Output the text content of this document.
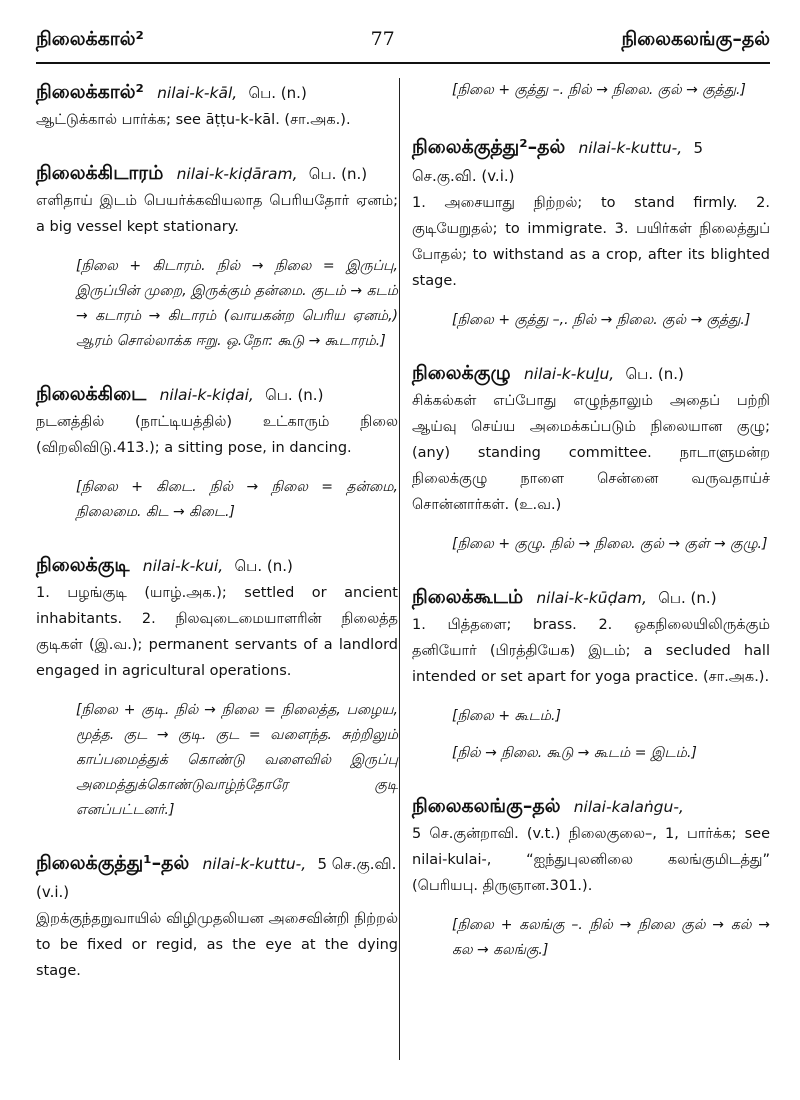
நிலைக்கால்²	77	நிலைகலங்கு–தல்
நிலைக்கால்² nilai-k-kāl, பெ. (n.)
ஆட்டுக்கால் பார்க்க; see āṭṭu-k-kāl. (சா.அக.).
நிலைக்கிடாரம் nilai-k-kiḍāram, பெ. (n.)
எளிதாய் இடம் பெயர்க்கவியலாத பெரியதோர் ஏனம்; a big vessel kept stationary.

[நிலை + கிடாரம். நில் → நிலை = இருப்பு, இருப்பின் முறை, இருக்கும் தன்மை. குடம் → கடம் → கடாரம் → கிடாரம் (வாயகன்ற பெரிய ஏனம்,) ஆரம் சொல்லாக்க ஈறு. ஒ.நோ: கூடு → கூடாரம்.]

நிலைக்கிடை nilai-k-kiḍai, பெ. (n.)
நடனத்தில் (நாட்டியத்தில்) உட்காரும் நிலை (விறலிவிடு.413.); a sitting pose, in dancing.

[நிலை + கிடை. நில் → நிலை = தன்மை, நிலைமை. கிட → கிடை.]

நிலைக்குடி nilai-k-kui, பெ. (n.)
1. பழங்குடி (யாழ்.அக.); settled or ancient inhabitants. 2. நிலவுடைமையாளரின் நிலைத்த குடிகள் (இ.வ.); permanent servants of a landlord engaged in agricultural operations.

[நிலை + குடி. நில் → நிலை = நிலைத்த, பழைய, மூத்த. குட → குடி. குட = வளைந்த. சுற்றிலும் காப்பமைத்துக் கொண்டு வளைவில் இருப்பு அமைத்துக்கொண்டுவாழ்ந்தோரே குடி எனப்பட்டனர்.]

நிலைக்குத்து¹–தல் nilai-k-kuttu-, 5 செ.கு.வி. (v.i.)
இறக்குந்தறுவாயில் விழிமுதலியன அசைவின்றி நிற்றல் to be fixed or regid, as the eye at the dying stage.

[நிலை + குத்து –. நில் → நிலை. குல் → குத்து.]

நிலைக்குத்து²–தல் nilai-k-kuttu-, 5 செ.கு.வி. (v.i.)
1. அசையாது நிற்றல்; to stand firmly. 2. குடியேறுதல்; to immigrate. 3. பயிர்கள் நிலைத்துப் போதல்; to withstand as a crop, after its blighted stage.

[நிலை + குத்து –,. நில் → நிலை. குல் → குத்து.]

நிலைக்குழு nilai-k-kuḻu, பெ. (n.)
சிக்கல்கள் எப்போது எழுந்தாலும் அதைப் பற்றி ஆய்வு செய்ய அமைக்கப்படும் நிலையான குழு; (any) standing committee. நாடாளுமன்ற நிலைக்குழு நாளை சென்னை வருவதாய்ச் சொன்னார்கள். (உ.வ.)

[நிலை + குழு. நில் → நிலை. குல் → குள் → குழு.]

நிலைக்கூடம் nilai-k-kūḍam, பெ. (n.)
1. பித்தளை; brass. 2. ஒகநிலையிலிருக்கும் தனியோர் (பிரத்தியேக) இடம்; a secluded hall intended or set apart for yoga practice. (சா.அக.).

[நிலை + கூடம்.]

[நில் → நிலை. கூடு → கூடம் = இடம்.]

நிலைகலங்கு–தல் nilai-kalaṅgu-,
5 செ.குன்றாவி. (v.t.) நிலைகுலை–, 1, பார்க்க; see nilai-kulai-, “ஐந்துபுலனிலை கலங்குமிடத்து” (பெரியபு. திருஞான.301.).

[நிலை + கலங்கு –. நில் → நிலை குல் → கல் → கல → கலங்கு.]
